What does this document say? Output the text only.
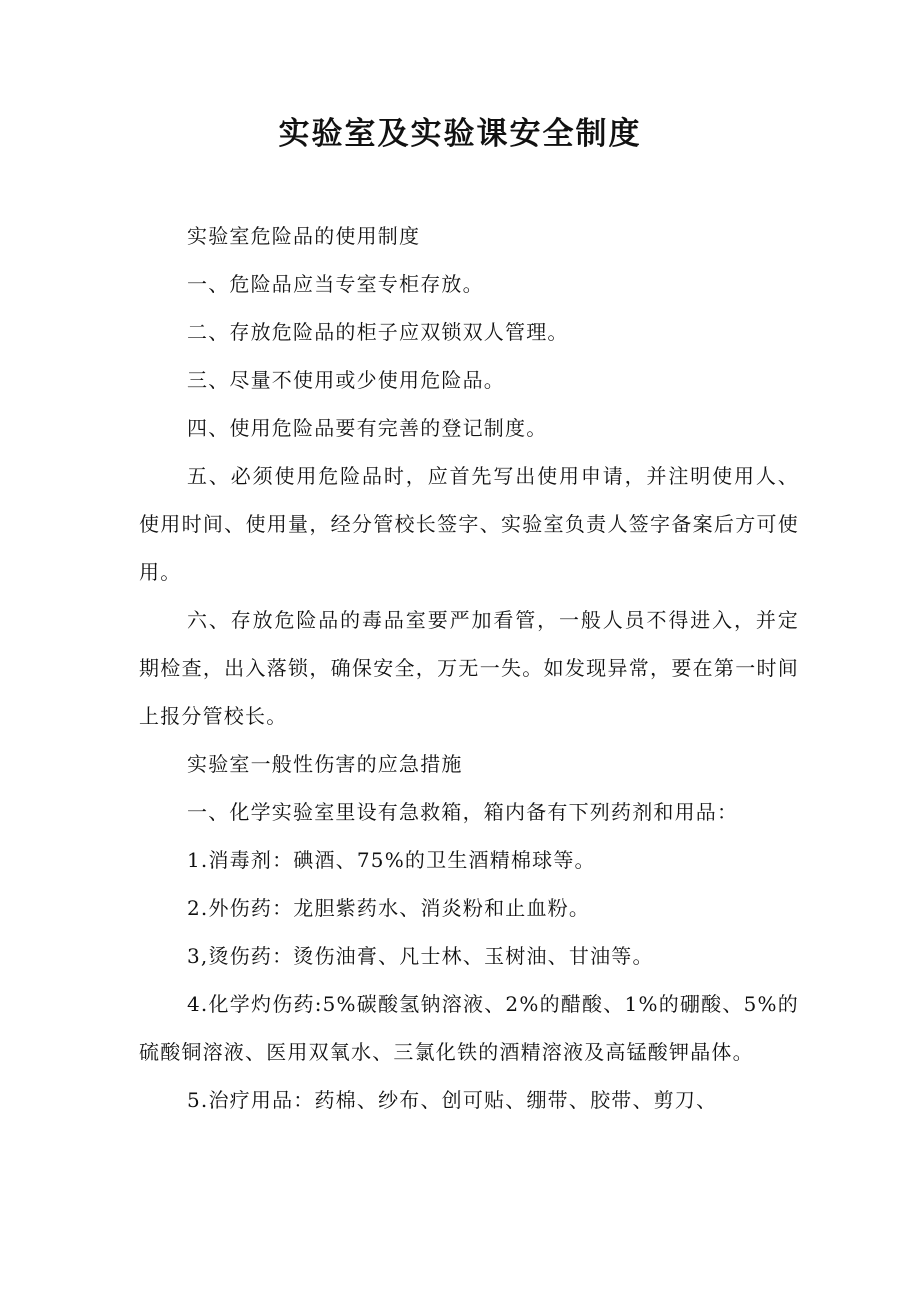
实验室及实验课安全制度

实验室危险品的使用制度

一、危险品应当专室专柜存放。

二、存放危险品的柜子应双锁双人管理。

三、尽量不使用或少使用危险品。

四、使用危险品要有完善的登记制度。

五、必须使用危险品时，应首先写出使用申请，并注明使用人、使用时间、使用量，经分管校长签字、实验室负责人签字备案后方可使用。

六、存放危险品的毒品室要严加看管，一般人员不得进入，并定期检查，出入落锁，确保安全，万无一失。如发现异常，要在第一时间上报分管校长。

实验室一般性伤害的应急措施

一、化学实验室里设有急救箱，箱内备有下列药剂和用品：

1.消毒剂：碘酒、75%的卫生酒精棉球等。

2.外伤药：龙胆紫药水、消炎粉和止血粉。

3,烫伤药：烫伤油膏、凡士林、玉树油、甘油等。

4.化学灼伤药:5%碳酸氢钠溶液、2%的醋酸、1%的硼酸、5%的硫酸铜溶液、医用双氧水、三氯化铁的酒精溶液及高锰酸钾晶体。

5.治疗用品：药棉、纱布、创可贴、绷带、胶带、剪刀、
